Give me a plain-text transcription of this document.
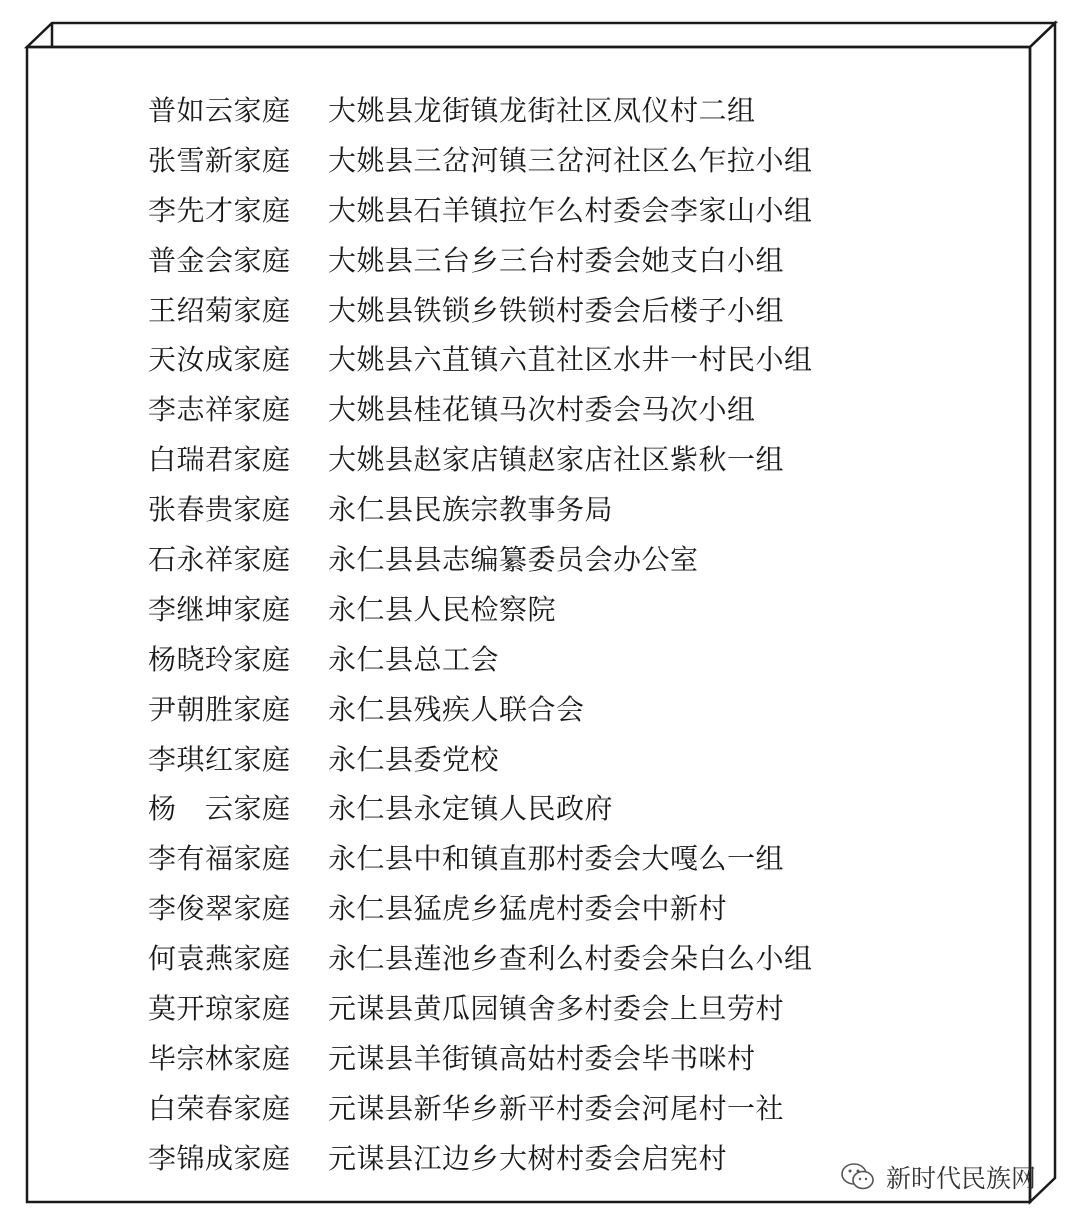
普如云家庭 大姚县龙街镇龙街社区凤仪村二组
张雪新家庭 大姚县三岔河镇三岔河社区么乍拉小组
李先才家庭 大姚县石羊镇拉乍么村委会李家山小组
普金会家庭 大姚县三台乡三台村委会她支白小组
王绍菊家庭 大姚县铁锁乡铁锁村委会后楼子小组
天汝成家庭 大姚县六苴镇六苴社区水井一村民小组
李志祥家庭 大姚县桂花镇马次村委会马次小组
白瑞君家庭 大姚县赵家店镇赵家店社区紫秋一组
张春贵家庭 永仁县民族宗教事务局
石永祥家庭 永仁县县志编纂委员会办公室
李继坤家庭 永仁县人民检察院
杨晓玲家庭 永仁县总工会
尹朝胜家庭 永仁县残疾人联合会
李琪红家庭 永仁县委党校
杨　云家庭 永仁县永定镇人民政府
李有福家庭 永仁县中和镇直那村委会大嘎么一组
李俊翠家庭 永仁县猛虎乡猛虎村委会中新村
何袁燕家庭 永仁县莲池乡查利么村委会朵白么小组
莫开琼家庭 元谋县黄瓜园镇舍多村委会上旦劳村
毕宗林家庭 元谋县羊街镇高姑村委会毕书咪村
白荣春家庭 元谋县新华乡新平村委会河尾村一社
李锦成家庭 元谋县江边乡大树村委会启宪村
新时代民族网
